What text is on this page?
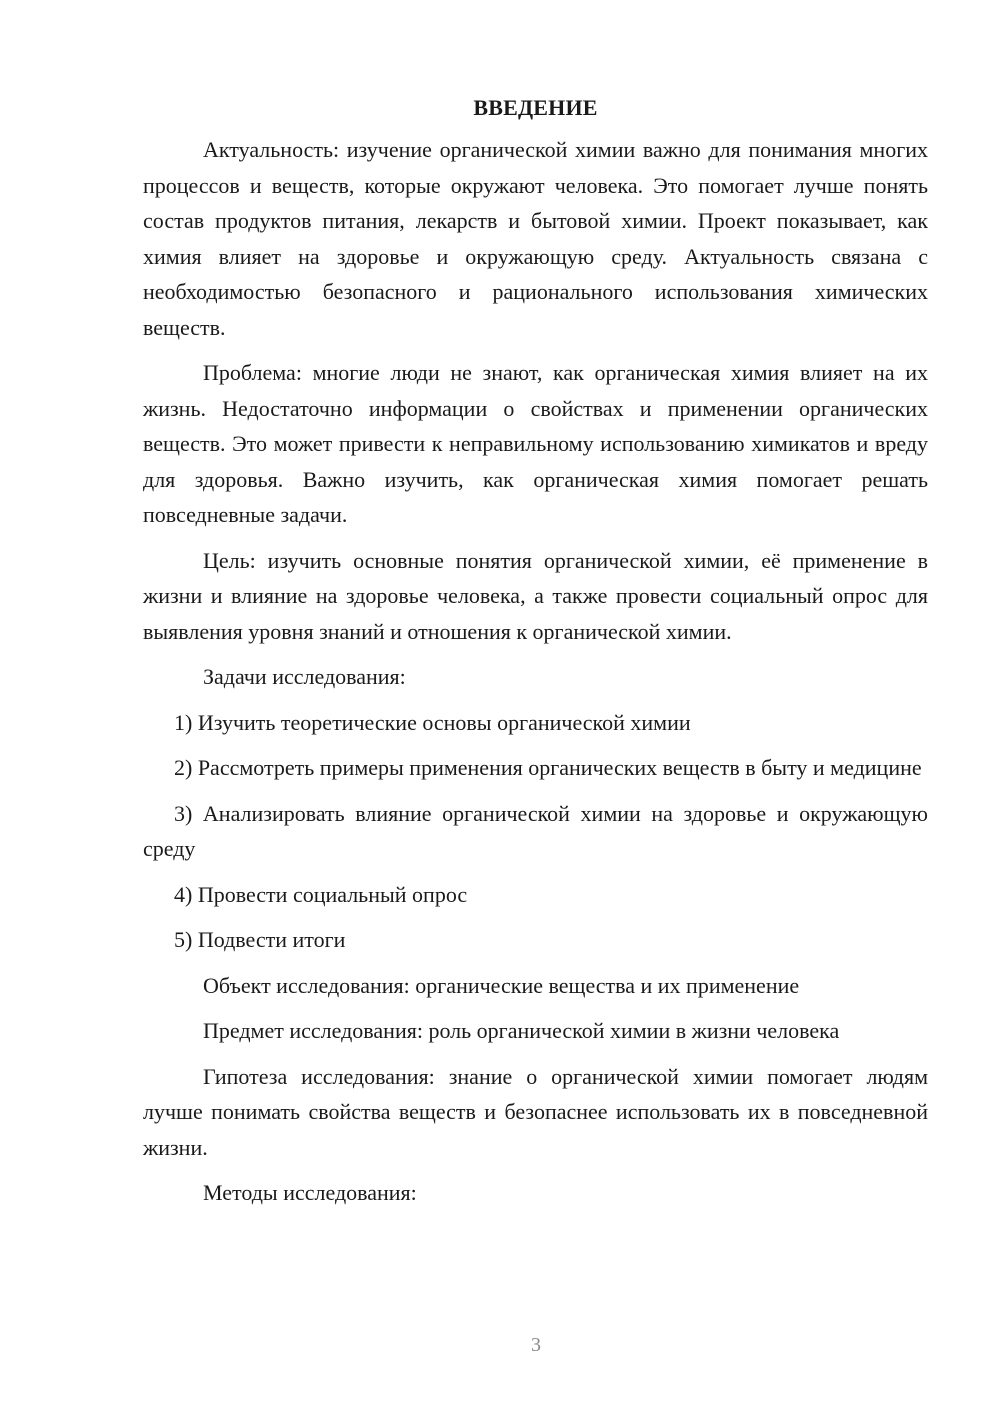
ВВЕДЕНИЕ

Актуальность: изучение органической химии важно для понимания многих процессов и веществ, которые окружают человека. Это помогает лучше понять состав продуктов питания, лекарств и бытовой химии. Проект показывает, как химия влияет на здоровье и окружающую среду. Актуальность связана с необходимостью безопасного и рационального использования химических веществ.

Проблема: многие люди не знают, как органическая химия влияет на их жизнь. Недостаточно информации о свойствах и применении органических веществ. Это может привести к неправильному использованию химикатов и вреду для здоровья. Важно изучить, как органическая химия помогает решать повседневные задачи.

Цель: изучить основные понятия органической химии, её применение в жизни и влияние на здоровье человека, а также провести социальный опрос для выявления уровня знаний и отношения к органической химии.

Задачи исследования:

1) Изучить теоретические основы органической химии

2) Рассмотреть примеры применения органических веществ в быту и медицине

3) Анализировать влияние органической химии на здоровье и окружающую среду

4) Провести социальный опрос

5) Подвести итоги

Объект исследования: органические вещества и их применение

Предмет исследования: роль органической химии в жизни человека

Гипотеза исследования: знание о органической химии помогает людям лучше понимать свойства веществ и безопаснее использовать их в повседневной жизни.

Методы исследования:

3
